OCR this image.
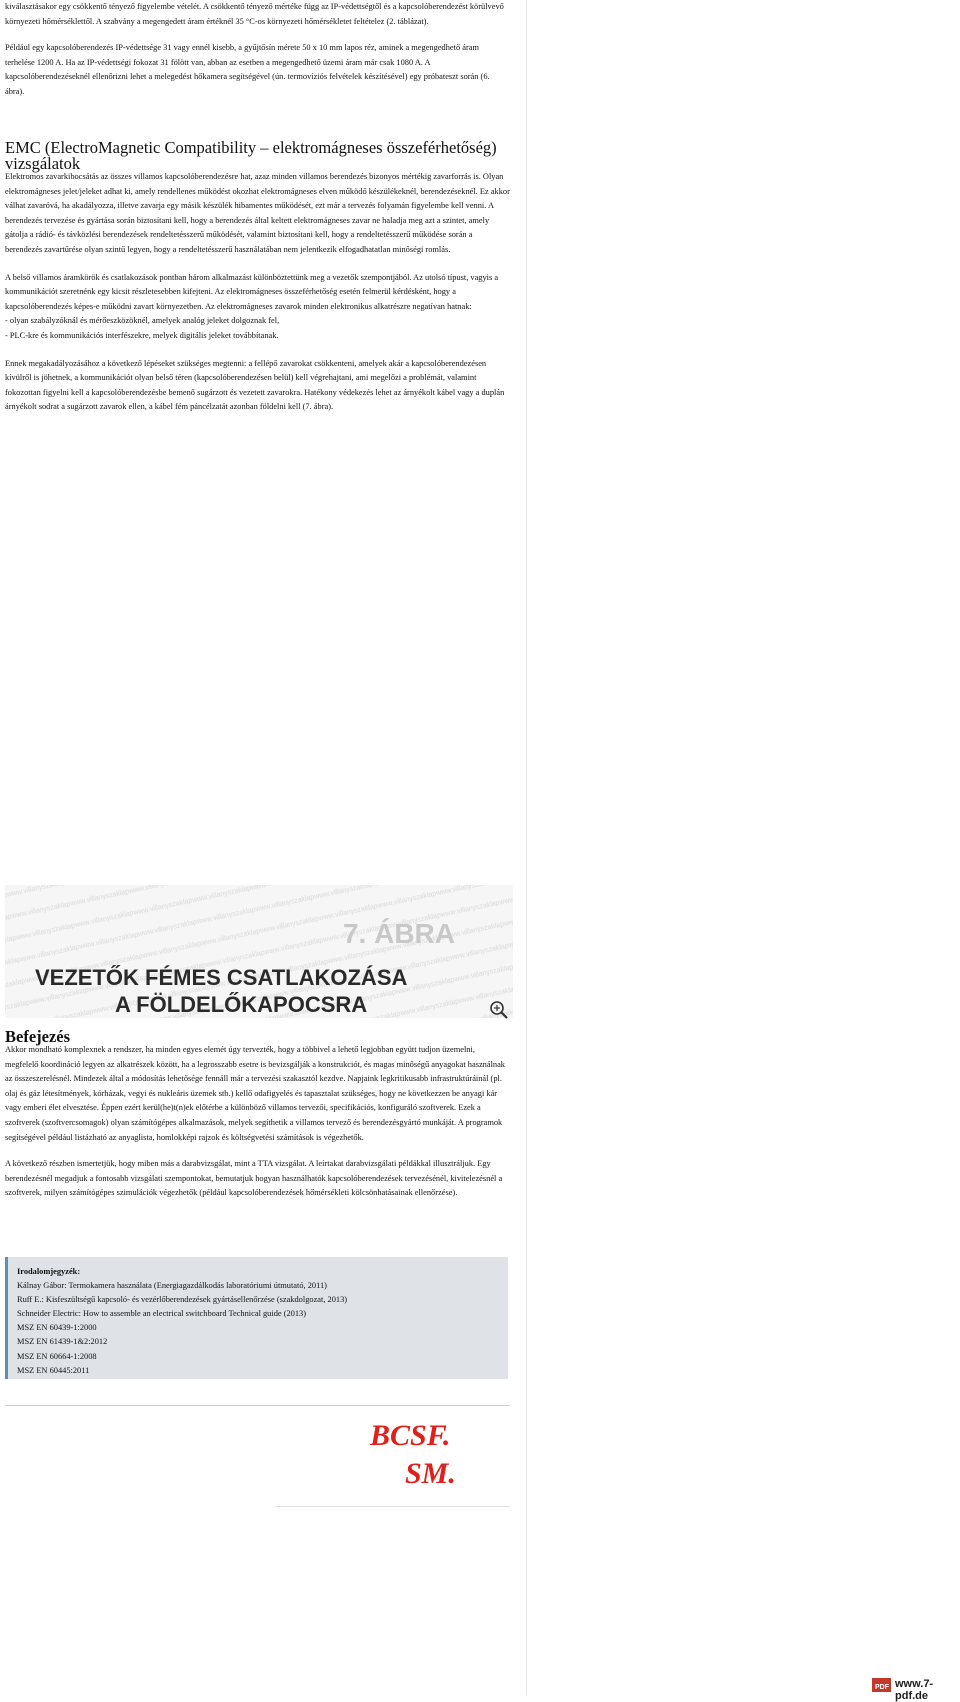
kiválasztásakor egy csökkentő tényező figyelembe vételét. A csökkentő tényező mértéke függ az IP-védettségtől és a kapcsolóberendezést körülvevő környezeti hőmérséklettől. A szabvány a megengedett áram értéknél 35 °C-os környezeti hőmérsékletet feltételez (2. táblázat).

Például egy kapcsolóberendezés IP-védettsége 31 vagy ennél kisebb, a gyűjtősín mérete 50 x 10 mm lapos réz, aminek a megengedhető áram terhelése 1200 A. Ha az IP-védettségi fokozat 31 fölött van, abban az esetben a megengedhető üzemi áram már csak 1080 A. A kapcsolóberendezéseknél ellenőrizni lehet a melegedést hőkamera segítségével (ún. termovíziós felvételek készítésével) egy próbateszt során (6. ábra).

EMC (ElectroMagnetic Compatibility – elektromágneses összeférhetőség) vizsgálatok

Elektromos zavarkibocsátás az összes villamos kapcsolóberendezésre hat, azaz minden villamos berendezés bizonyos mértékig zavarforrás is. Olyan elektromágneses jelet/jeleket adhat ki, amely rendellenes működést okozhat elektromágneses elven működő készülékeknél, berendezéseknél. Ez akkor válhat zavaróvá, ha akadályozza, illetve zavarja egy másik készülék hibamentes működését, ezt már a tervezés folyamán figyelembe kell venni. A berendezés tervezése és gyártása során biztosítani kell, hogy a berendezés által keltett elektromágneses zavar ne haladja meg azt a szintet, amely gátolja a rádió- és távközlési berendezések rendeltetésszerű működését, valamint biztosítani kell, hogy a rendeltetésszerű működése során a berendezés zavartűrése olyan szintű legyen, hogy a rendeltetésszerű használatában nem jelentkezik elfogadhatatlan minőségi romlás.

A belső villamos áramkörök és csatlakozások pontban három alkalmazást különböztettünk meg a vezetők szempontjából. Az utolsó típust, vagyis a kommunikációt szeretnénk egy kicsit részletesebben kifejteni. Az elektromágneses összeférhetőség esetén felmerül kérdésként, hogy a kapcsolóberendezés képes-e működni zavart környezetben. Az elektromágneses zavarok minden elektronikus alkatrészre negatívan hatnak:

- olyan szabályzóknál és mérőeszközöknél, amelyek analóg jeleket dolgoznak fel,

- PLC-kre és kommunikációs interfészekre, melyek digitális jeleket továbbítanak.

Ennek megakadályozásához a következő lépéseket szükséges megtenni: a fellépő zavarokat csökkenteni, amelyek akár a kapcsolóberendezésen kívülről is jöhetnek, a kommunikációt olyan belső téren (kapcsolóberendezésen belül) kell végrehajtani, ami megelőzi a problémát, valamint fokozottan figyelni kell a kapcsolóberendezésbe bemenő sugárzott és vezetett zavarokra. Hatékony védekezés lehet az árnyékolt kábel vagy a duplán árnyékolt sodrat a sugárzott zavarok ellen, a kábel fém páncélzatát azonban földelni kell (7. ábra).

7. ÁBRA
VEZETŐK FÉMES CSATLAKOZÁSA
A FÖLDELŐKAPOCSRA
Befejezés

Akkor mondható komplexnek a rendszer, ha minden egyes elemét úgy tervezték, hogy a többivel a lehető legjobban együtt tudjon üzemelni, megfelelő koordináció legyen az alkatrészek között, ha a legrosszabb esetre is bevizsgálják a konstrukciót, és magas minőségű anyagokat használnak az összeszerelésnél. Mindezek által a módosítás lehetősége fennáll már a tervezési szakasztól kezdve. Napjaink legkritikusabb infrastruktúráinál (pl. olaj és gáz létesítmények, kórházak, vegyi és nukleáris üzemek stb.) kellő odafigyelés és tapasztalat szükséges, hogy ne következzen be anyagi kár vagy emberi élet elvesztése. Éppen ezért kerül(he)t(n)ek előtérbe a különböző villamos tervezői, specifikációs, konfiguráló szoftverek. Ezek a szoftverek (szoftvercsomagok) olyan számítógépes alkalmazások, melyek segíthetik a villamos tervező és berendezésgyártó munkáját. A programok segítségével például listázható az anyaglista, homlokképi rajzok és költségvetési számítások is végezhetők.

A következő részben ismertetjük, hogy miben más a darabvizsgálat, mint a TTA vizsgálat. A leírtakat darabvizsgálati példákkal illusztráljuk. Egy berendezésnél megadjuk a fontosabb vizsgálati szempontokat, bemutatjuk hogyan használhatók kapcsolóberendezések tervezésénél, kivitelezésnél a szoftverek, milyen számítógépes szimulációk végezhetők (például kapcsolóberendezések hőmérsékleti kölcsönhatásainak ellenőrzése).

Irodalomjegyzék:

Kálnay Gábor: Termokamera használata (Energiagazdálkodás laboratóriumi útmutató, 2011)

Ruff E.: Kisfeszültségű kapcsoló- és vezérlőberendezések gyártásellenőrzése (szakdolgozat, 2013)

Schneider Electric: How to assemble an electrical switchboard Technical guide (2013)

MSZ EN 60439-1:2000

MSZ EN 61439-1&2:2012

MSZ EN 60664-1:2008

MSZ EN 60445:2011

BCSF.
SM.
PDF www.7-pdf.de
